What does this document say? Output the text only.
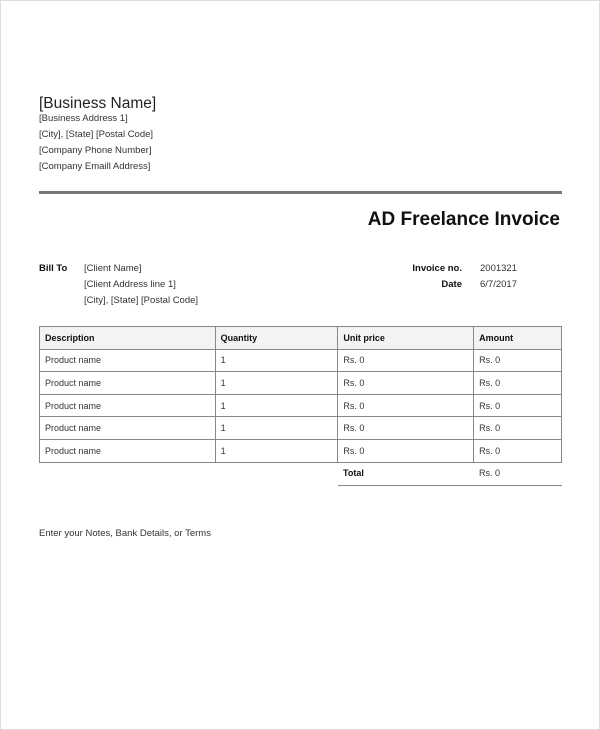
[Business Name]
[Business Address 1]
[City], [State] [Postal Code]
[Company Phone Number]
[Company Emaill Address]
AD Freelance Invoice
Bill To [Client Name]
[Client Address line 1]
[City], [State] [Postal Code]
Invoice no. 2001321
Date 6/7/2017
Description	Quantity	Unit price	Amount
Product name	1	Rs. 0	Rs. 0
Product name	1	Rs. 0	Rs. 0
Product name	1	Rs. 0	Rs. 0
Product name	1	Rs. 0	Rs. 0
Product name	1	Rs. 0	Rs. 0
Total	Rs. 0
Enter your Notes, Bank Details, or Terms
